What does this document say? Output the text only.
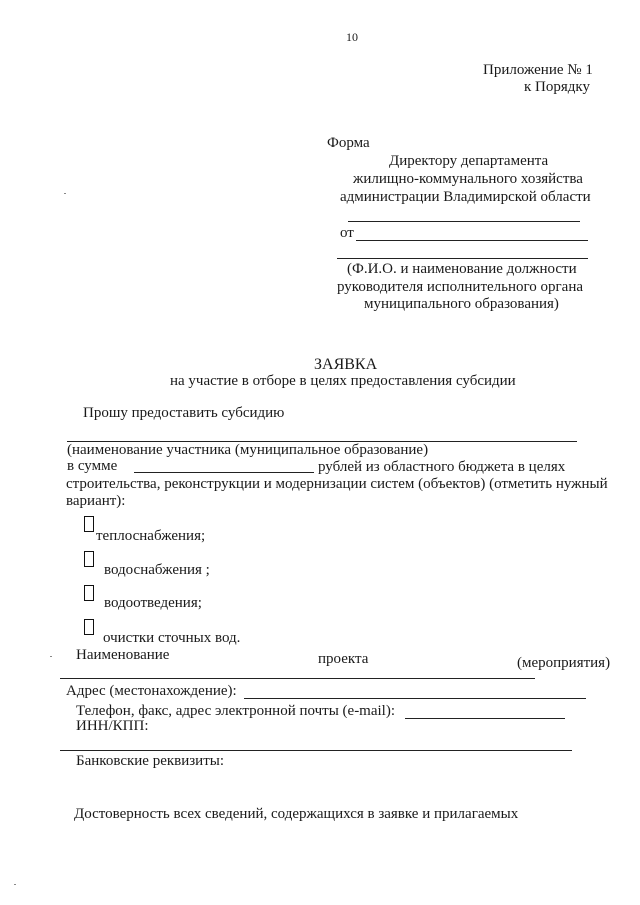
10
Приложение № 1
к Порядку
Форма
Директору департамента
жилищно-коммунального хозяйства
администрации Владимирской области
от
(Ф.И.О. и наименование должности
руководителя исполнительного органа
муниципального образования)
ЗАЯВКА
на участие в отборе в целях предоставления субсидии
Прошу предоставить субсидию
(наименование участника (муниципальное образование)
в сумме	рублей из областного бюджета в целях
строительства, реконструкции и модернизации систем (объектов) (отметить нужный
вариант):
теплоснабжения;
водоснабжения ;
водоотведения;
очистки сточных вод.
Наименование	проекта	(мероприятия)
Адрес (местонахождение):
Телефон, факс, адрес электронной почты (e-mail):
ИНН/КПП:
Банковские реквизиты:
Достоверность всех сведений, содержащихся в заявке и прилагаемых
